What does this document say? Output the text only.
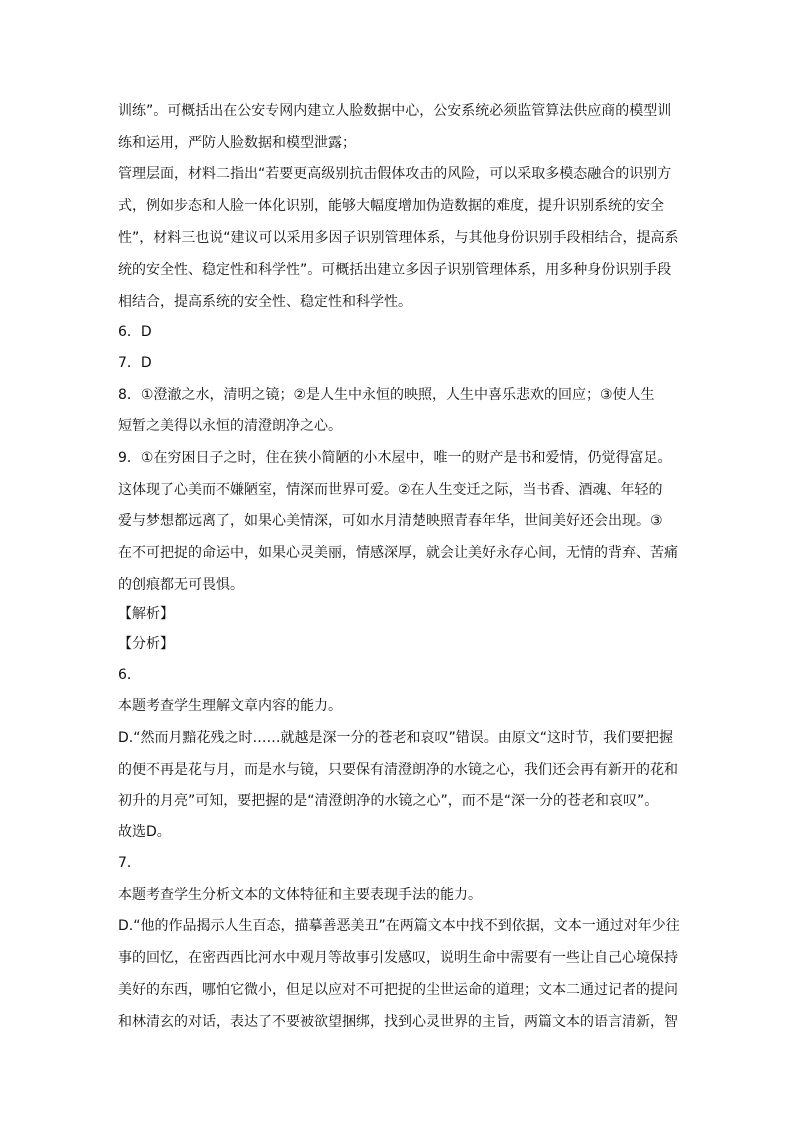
训练”。可概括出在公安专网内建立人脸数据中心，公安系统必须监管算法供应商的模型训
练和运用，严防人脸数据和模型泄露；
管理层面，材料二指出“若要更高级别抗击假体攻击的风险，可以采取多模态融合的识别方
式，例如步态和人脸一体化识别，能够大幅度增加伪造数据的难度，提升识别系统的安全
性”，材料三也说“建议可以采用多因子识别管理体系，与其他身份识别手段相结合，提高系
统的安全性、稳定性和科学性”。可概括出建立多因子识别管理体系，用多种身份识别手段
相结合，提高系统的安全性、稳定性和科学性。
6．D
7．D
8．①澄澈之水，清明之镜；②是人生中永恒的映照，人生中喜乐悲欢的回应；③使人生
短暂之美得以永恒的清澄朗净之心。
9．①在穷困日子之时，住在狭小简陋的小木屋中，唯一的财产是书和爱情，仍觉得富足。
这体现了心美而不嫌陋室，情深而世界可爱。②在人生变迁之际，当书香、酒魂、年轻的
爱与梦想都远离了，如果心美情深，可如水月清楚映照青春年华，世间美好还会出现。③
在不可把捉的命运中，如果心灵美丽，情感深厚，就会让美好永存心间，无情的背弃、苦痛
的创痕都无可畏惧。
【解析】
【分析】
6．
本题考查学生理解文章内容的能力。
D.“然而月黯花残之时……就越是深一分的苍老和哀叹”错误。由原文“这时节，我们要把握
的便不再是花与月，而是水与镜，只要保有清澄朗净的水镜之心，我们还会再有新开的花和
初升的月亮”可知，要把握的是“清澄朗净的水镜之心”，而不是“深一分的苍老和哀叹”。
故选D。
7．
本题考查学生分析文本的文体特征和主要表现手法的能力。
D.“他的作品揭示人生百态，描摹善恶美丑”在两篇文本中找不到依据，文本一通过对年少往
事的回忆，在密西西比河水中观月等故事引发感叹，说明生命中需要有一些让自己心境保持
美好的东西，哪怕它微小，但足以应对不可把捉的尘世运命的道理；文本二通过记者的提问
和林清玄的对话，表达了不要被欲望捆绑，找到心灵世界的主旨，两篇文本的语言清新，智
